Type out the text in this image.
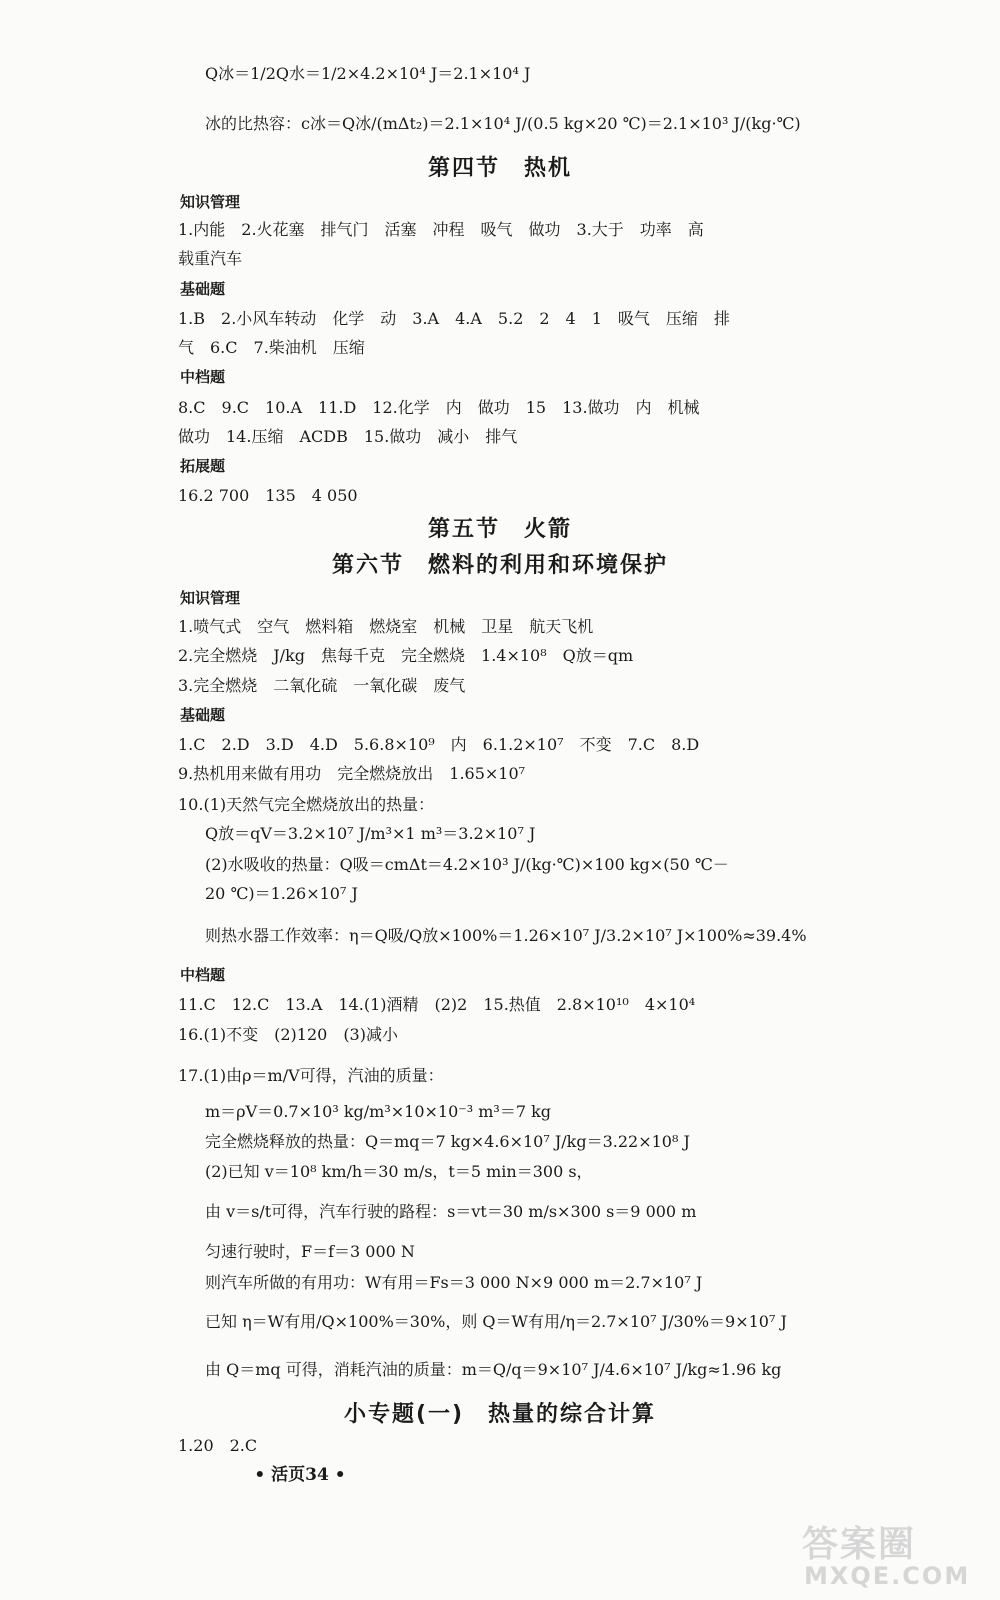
Q冰＝1/2Q水＝1/2×4.2×10⁴ J＝2.1×10⁴ J
冰的比热容：c冰＝Q冰/(mΔt₂)＝2.1×10⁴ J/(0.5 kg×20 ℃)＝2.1×10³ J/(kg·℃)
第四节　热机
知识管理
1.内能　2.火花塞　排气门　活塞　冲程　吸气　做功　3.大于　功率　高
载重汽车
基础题
1.B　2.小风车转动　化学　动　3.A　4.A　5.2　2　4　1　吸气　压缩　排
气　6.C　7.柴油机　压缩
中档题
8.C　9.C　10.A　11.D　12.化学　内　做功　15　13.做功　内　机械
做功　14.压缩　ACDB　15.做功　减小　排气
拓展题
16.2 700　135　4 050
第五节　火箭
第六节　燃料的利用和环境保护
知识管理
1.喷气式　空气　燃料箱　燃烧室　机械　卫星　航天飞机
2.完全燃烧　J/kg　焦每千克　完全燃烧　1.4×10⁸　Q放＝qm
3.完全燃烧　二氧化硫　一氧化碳　废气
基础题
1.C　2.D　3.D　4.D　5.6.8×10⁹　内　6.1.2×10⁷　不变　7.C　8.D
9.热机用来做有用功　完全燃烧放出　1.65×10⁷
10.(1)天然气完全燃烧放出的热量：
Q放＝qV＝3.2×10⁷ J/m³×1 m³＝3.2×10⁷ J
(2)水吸收的热量：Q吸＝cmΔt＝4.2×10³ J/(kg·℃)×100 kg×(50 ℃－
20 ℃)＝1.26×10⁷ J
则热水器工作效率：η＝Q吸/Q放×100%＝1.26×10⁷ J/3.2×10⁷ J×100%≈39.4%
中档题
11.C　12.C　13.A　14.(1)酒精　(2)2　15.热值　2.8×10¹⁰　4×10⁴
16.(1)不变　(2)120　(3)减小
17.(1)由ρ＝m/V可得，汽油的质量：
m＝ρV＝0.7×10³ kg/m³×10×10⁻³ m³＝7 kg
完全燃烧释放的热量：Q＝mq＝7 kg×4.6×10⁷ J/kg＝3.22×10⁸ J
(2)已知 v＝10⁸ km/h＝30 m/s，t＝5 min＝300 s，
由 v＝s/t可得，汽车行驶的路程：s＝vt＝30 m/s×300 s＝9 000 m
匀速行驶时，F＝f＝3 000 N
则汽车所做的有用功：W有用＝Fs＝3 000 N×9 000 m＝2.7×10⁷ J
已知 η＝W有用/Q×100%＝30%，则 Q＝W有用/η＝2.7×10⁷ J/30%＝9×10⁷ J
由 Q＝mq 可得，消耗汽油的质量：m＝Q/q＝9×10⁷ J/4.6×10⁷ J/kg≈1.96 kg
小专题(一)　热量的综合计算
1.20　2.C
• 活页34 •
答案圈
MXQE.COM
